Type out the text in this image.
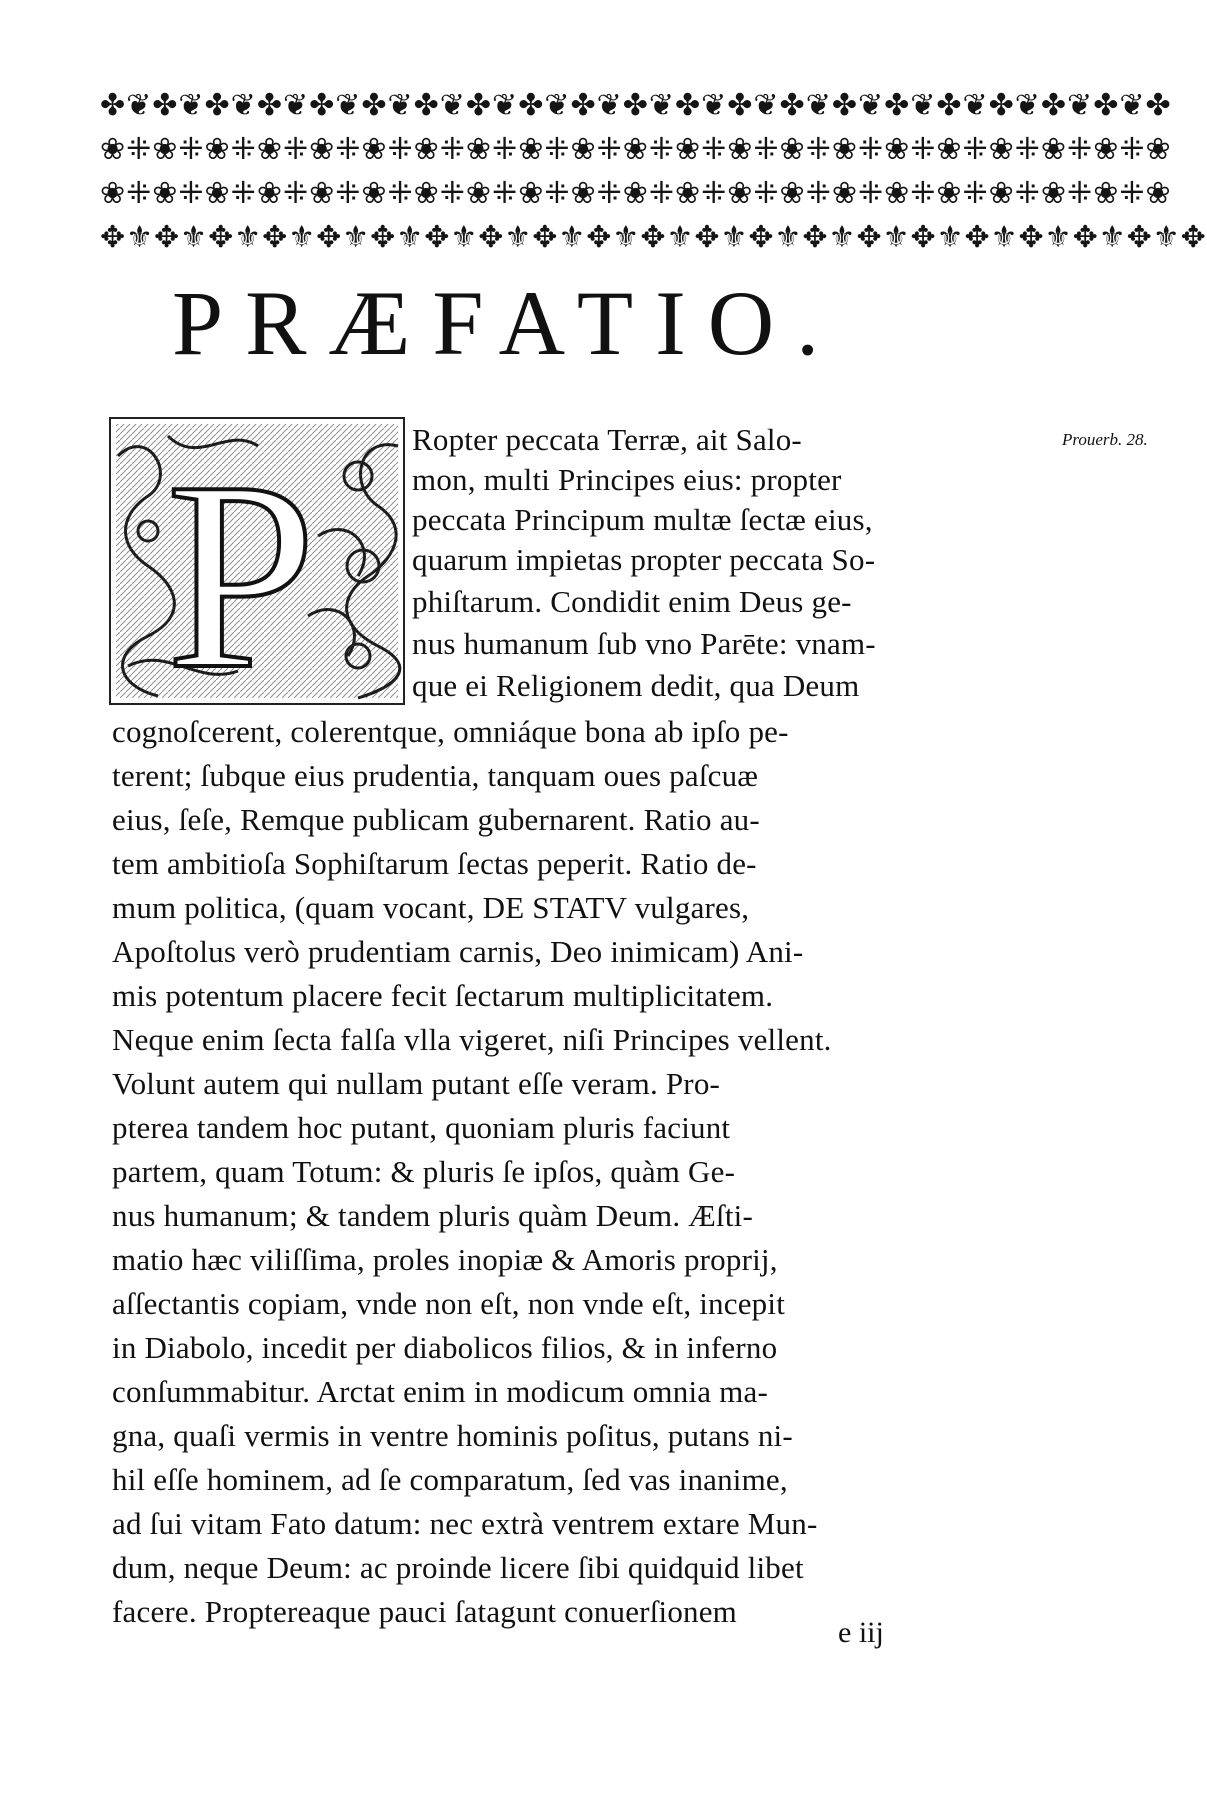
✤❦✤❦✤❦✤❦✤❦✤❦✤❦✤❦✤❦✤❦✤❦✤❦✤❦✤❦✤❦✤❦✤❦✤❦✤❦✤❦✤
❀⁜❀⁜❀⁜❀⁜❀⁜❀⁜❀⁜❀⁜❀⁜❀⁜❀⁜❀⁜❀⁜❀⁜❀⁜❀⁜❀⁜❀⁜❀⁜❀⁜❀
❀⁜❀⁜❀⁜❀⁜❀⁜❀⁜❀⁜❀⁜❀⁜❀⁜❀⁜❀⁜❀⁜❀⁜❀⁜❀⁜❀⁜❀⁜❀⁜❀⁜❀
✥⚜✥⚜✥⚜✥⚜✥⚜✥⚜✥⚜✥⚜✥⚜✥⚜✥⚜✥⚜✥⚜✥⚜✥⚜✥⚜✥⚜✥⚜✥⚜✥⚜✥
PRÆFATIO.
P	Prouerb. 28.
Ropter peccata Terræ, ait Salo-
mon, multi Principes eius: propter
peccata Principum multæ ſectæ eius,
quarum impietas propter peccata So-
phiſtarum. Condidit enim Deus ge-
nus humanum ſub vno Parēte: vnam-
que ei Religionem dedit, qua Deum
cognoſcerent, colerentque, omniáque bona ab ipſo pe-
terent; ſubque eius prudentia, tanquam oues paſcuæ
eius, ſeſe, Remque publicam gubernarent. Ratio au-
tem ambitioſa Sophiſtarum ſectas peperit. Ratio de-
mum politica, (quam vocant, DE STATV vulgares,
Apoſtolus verò prudentiam carnis, Deo inimicam) Ani-
mis potentum placere fecit ſectarum multiplicitatem.
Neque enim ſecta falſa vlla vigeret, niſi Principes vellent.
Volunt autem qui nullam putant eſſe veram. Pro-
pterea tandem hoc putant, quoniam pluris faciunt
partem, quam Totum: & pluris ſe ipſos, quàm Ge-
nus humanum; & tandem pluris quàm Deum. Æſti-
matio hæc viliſſima, proles inopiæ & Amoris proprij,
aſſectantis copiam, vnde non eſt, non vnde eſt, incepit
in Diabolo, incedit per diabolicos filios, & in inferno
conſummabitur. Arctat enim in modicum omnia ma-
gna, quaſi vermis in ventre hominis poſitus, putans ni-
hil eſſe hominem, ad ſe comparatum, ſed vas inanime,
ad ſui vitam Fato datum: nec extrà ventrem extare Mun-
dum, neque Deum: ac proinde licere ſibi quidquid libet
facere. Proptereaque pauci ſatagunt conuerſionem
e iij
